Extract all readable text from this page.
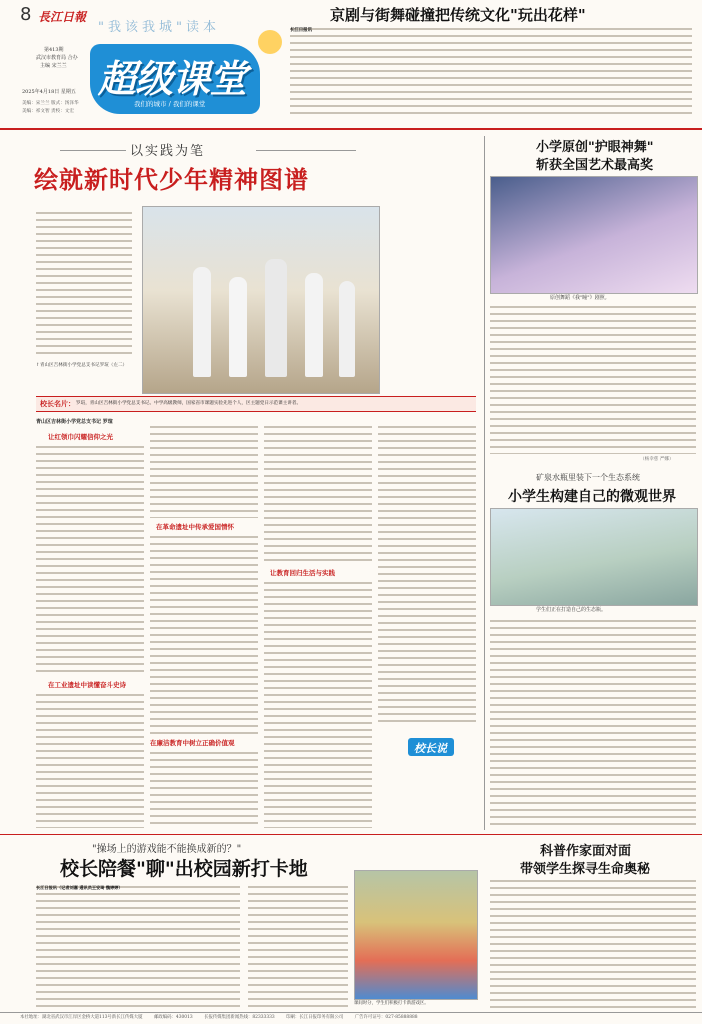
8 長江日報
"我该我城"读本
第413期
武汉市教育局 合办
主编 宋兰兰
2025年4月18日 星期五
美编：宋兰兰 版式：汤泽华
美编：祁文智 责校：文宏
超级课堂
我们的城市 / 我们的课堂
京剧与街舞碰撞把传统文化"玩出花样"
长江日报讯
以实践为笔
绘就新时代少年精神图谱
↑青山区吉林街小学党总支书记罗瑄（左二）
校长名片： 罗瑄，青山区吉林街小学党总支书记、中学高级教师，国家省市课题实验先进个人，区主题党日示范课主讲者。
青山区吉林街小学党总支书记 罗瑄
让红领巾闪耀信仰之光
在工业遗址中读懂奋斗史诗
在革命遗址中传承爱国情怀
在廉洁教育中树立正确价值观
让教育回归生活与实践
校长说
小学原创"护眼神舞"
斩获全国艺术最高奖
原创舞蹈《我"瞳"》剧照。
（杨幸慈 严娜）
矿泉水瓶里装下一个生态系统
小学生构建自己的微观世界
学生们正在打造自己的生态瓶。
"操场上的游戏能不能换成新的？"
校长陪餐"聊"出校园新打卡地
长江日报讯（记者刘嘉 通讯员王安琦 魏婷婷）
课间时分，学生们积极打卡新游戏区。
科普作家面对面
带领学生探寻生命奥秘
本社地址：湖北省武汉市江岸区金桥大道113号新长江传媒大厦	邮政编码：430013	长报传媒集团新闻热线：82333333	印刷：长江日报印务有限公司	广告许可证号：027-85888888
